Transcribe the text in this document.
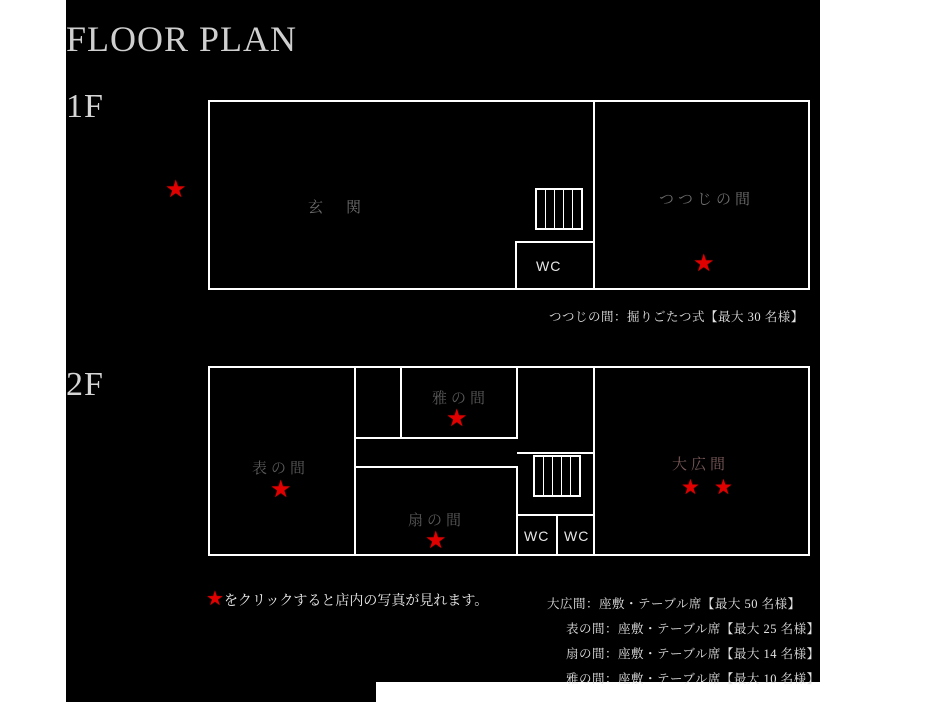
FLOOR PLAN
1F
2F
玄　関	つつじの間
WC
★
★
つつじの間：掘りごたつ式【最大 30 名様】
表の間
雅の間
扇の間
大広間
WC WC
★
★
★
★ ★
★をクリックすると店内の写真が見れます。	大広間：座敷・テーブル席【最大 50 名様】
表の間：座敷・テーブル席【最大 25 名様】
扇の間：座敷・テーブル席【最大 14 名様】
雅の間：座敷・テーブル席【最大 10 名様】
